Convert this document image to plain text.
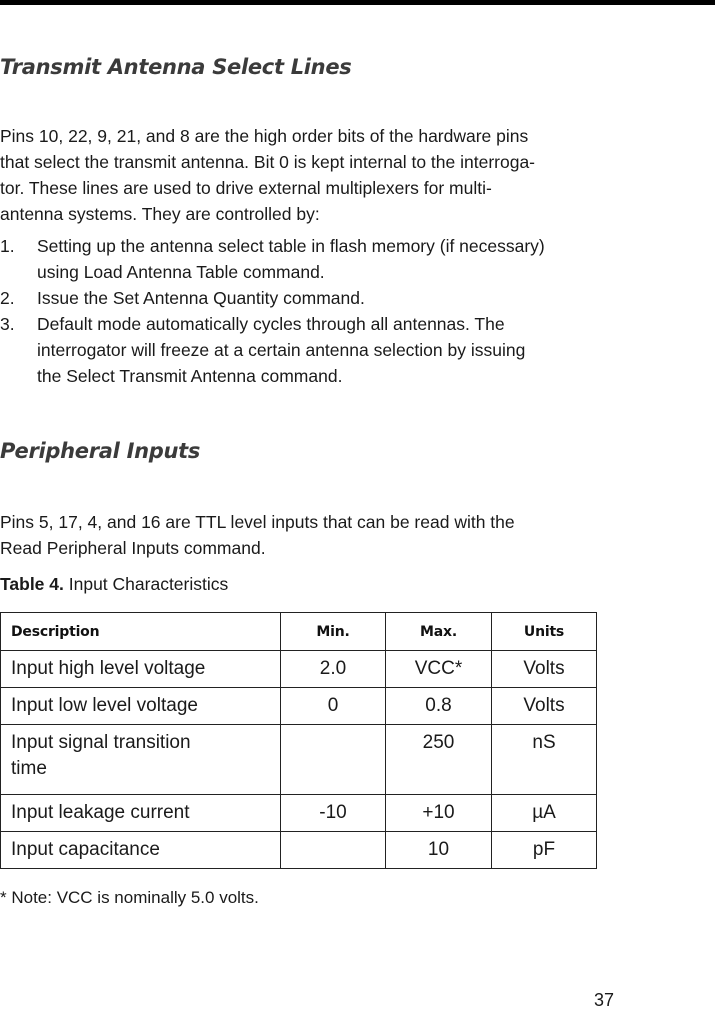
Transmit Antenna Select Lines

Pins 10, 22, 9, 21, and 8 are the high order bits of the hardware pins
that select the transmit antenna. Bit 0 is kept internal to the interroga-
tor. These lines are used to drive external multiplexers for multi-
antenna systems. They are controlled by:

1. Setting up the antenna select table in flash memory (if necessary)
using Load Antenna Table command.
2. Issue the Set Antenna Quantity command.
3. Default mode automatically cycles through all antennas. The
interrogator will freeze at a certain antenna selection by issuing
the Select Transmit Antenna command.
Peripheral Inputs

Pins 5, 17, 4, and 16 are TTL level inputs that can be read with the
Read Peripheral Inputs command.

Table 4. Input Characteristics

Description	Min.	Max.	Units
Input high level voltage	2.0	VCC*	Volts
Input low level voltage	0	0.8	Volts
Input signal transition time		250	nS
Input leakage current	-10	+10	µA
Input capacitance		10	pF

* Note: VCC is nominally 5.0 volts.

37
